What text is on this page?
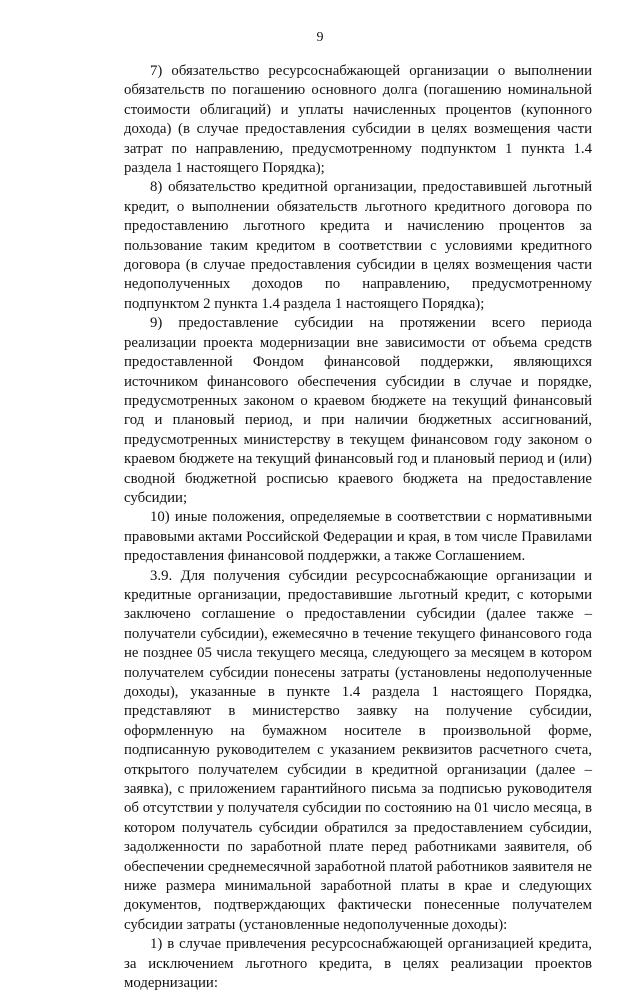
9

7) обязательство ресурсоснабжающей организации о выполнении обязательств по погашению основного долга (погашению номинальной стоимости облигаций) и уплаты начисленных процентов (купонного дохода) (в случае предоставления субсидии в целях возмещения части затрат по направлению, предусмотренному подпунктом 1 пункта 1.4 раздела 1 настоящего Порядка);

8) обязательство кредитной организации, предоставившей льготный кредит, о выполнении обязательств льготного кредитного договора по предоставлению льготного кредита и начислению процентов за пользование таким кредитом в соответствии с условиями кредитного договора (в случае предоставления субсидии в целях возмещения части недополученных доходов по направлению, предусмотренному подпунктом 2 пункта 1.4 раздела 1 настоящего Порядка);

9) предоставление субсидии на протяжении всего периода реализации проекта модернизации вне зависимости от объема средств предоставленной Фондом финансовой поддержки, являющихся источником финансового обеспечения субсидии в случае и порядке, предусмотренных законом о краевом бюджете на текущий финансовый год и плановый период, и при наличии бюджетных ассигнований, предусмотренных министерству в текущем финансовом году законом о краевом бюджете на текущий финансовый год и плановый период и (или) сводной бюджетной росписью краевого бюджета на предоставление субсидии;

10) иные положения, определяемые в соответствии с нормативными правовыми актами Российской Федерации и края, в том числе Правилами предоставления финансовой поддержки, а также Соглашением.

3.9. Для получения субсидии ресурсоснабжающие организации и кредитные организации, предоставившие льготный кредит, с которыми заключено соглашение о предоставлении субсидии (далее также – получатели субсидии), ежемесячно в течение текущего финансового года не позднее 05 числа текущего месяца, следующего за месяцем в котором получателем субсидии понесены затраты (установлены недополученные доходы), указанные в пункте 1.4 раздела 1 настоящего Порядка, представляют в министерство заявку на получение субсидии, оформленную на бумажном носителе в произвольной форме, подписанную руководителем с указанием реквизитов расчетного счета, открытого получателем субсидии в кредитной организации (далее – заявка), с приложением гарантийного письма за подписью руководителя об отсутствии у получателя субсидии по состоянию на 01 число месяца, в котором получатель субсидии обратился за предоставлением субсидии, задолженности по заработной плате перед работниками заявителя, об обеспечении среднемесячной заработной платой работников заявителя не ниже размера минимальной заработной платы в крае и следующих документов, подтверждающих фактически понесенные получателем субсидии затраты (установленные недополученные доходы):

1) в случае привлечения ресурсоснабжающей организацией кредита, за исключением льготного кредита, в целях реализации проектов модернизации:
